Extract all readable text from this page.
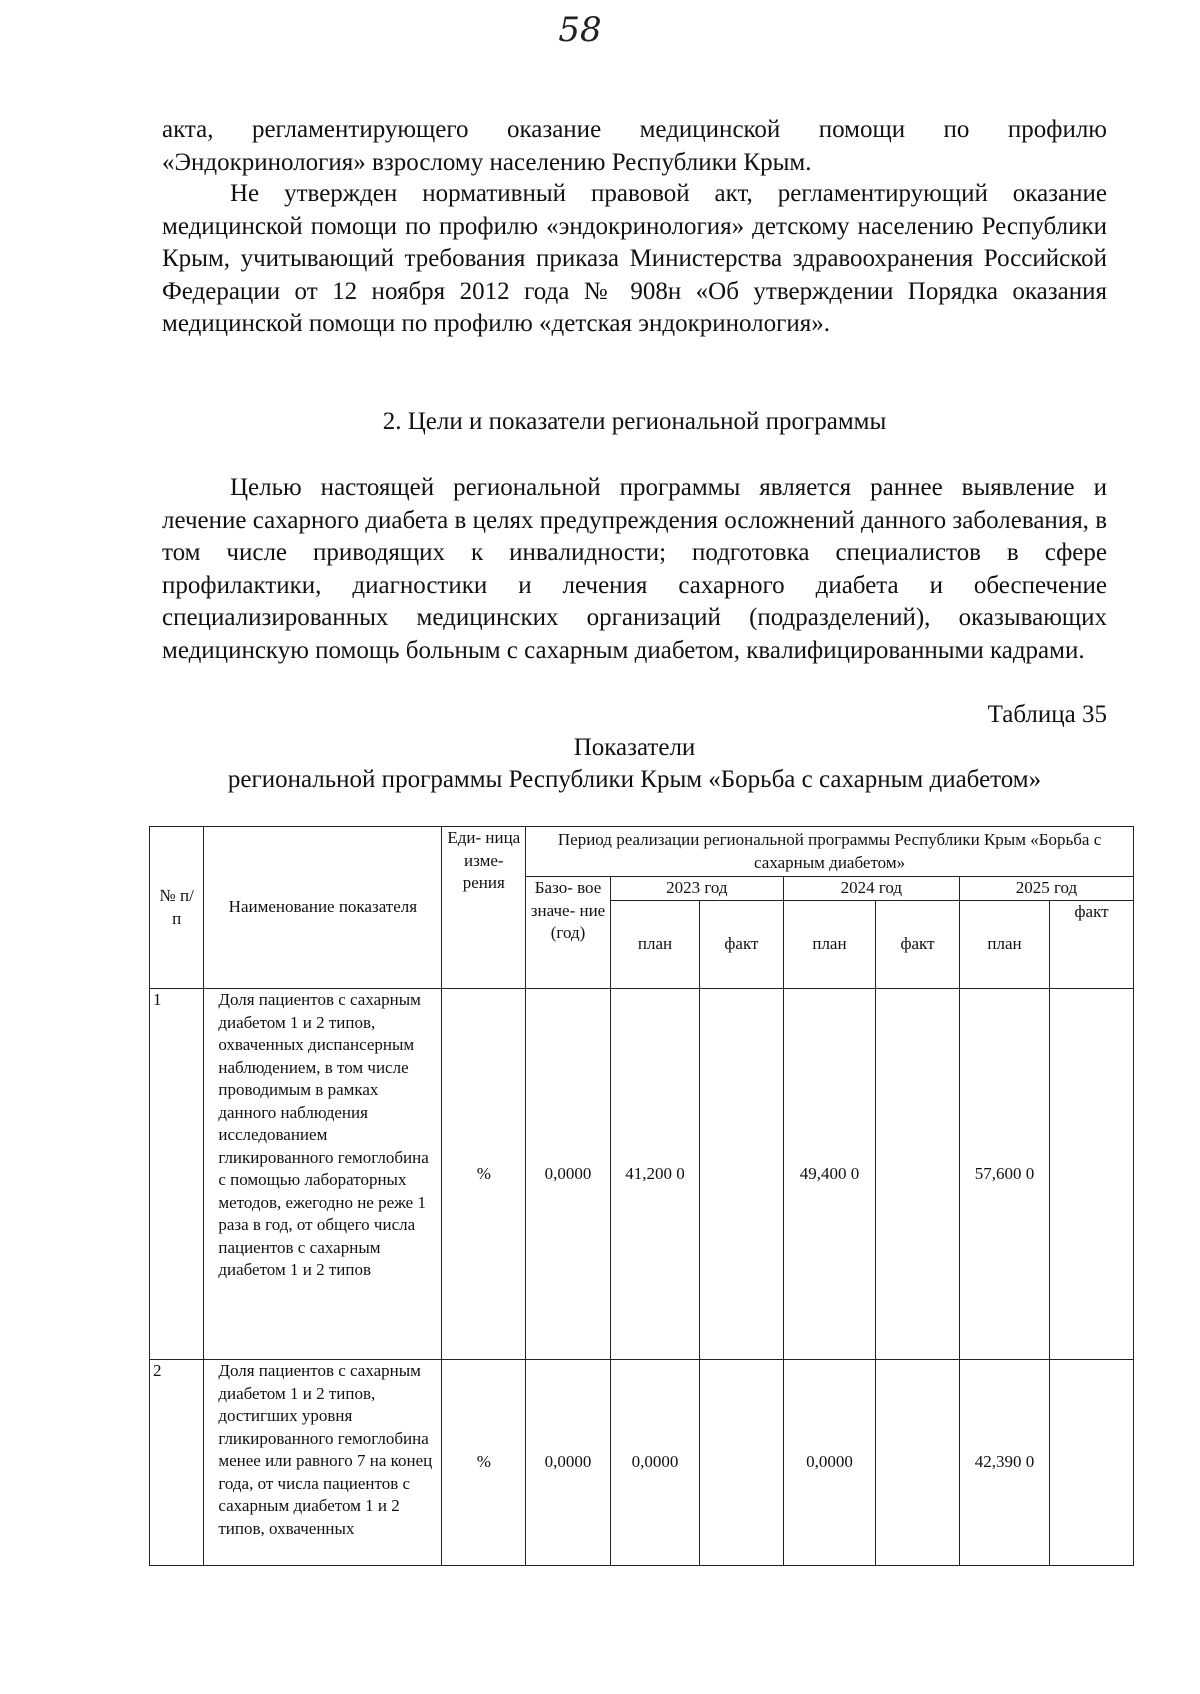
58

акта, регламентирующего оказание медицинской помощи по профилю «Эндокринология» взрослому населению Республики Крым.

Не утвержден нормативный правовой акт, регламентирующий оказание медицинской помощи по профилю «эндокринология» детскому населению Республики Крым, учитывающий требования приказа Министерства здравоохранения Российской Федерации от 12 ноября 2012 года № 908н «Об утверждении Порядка оказания медицинской помощи по профилю «детская эндокринология».

2. Цели и показатели региональной программы

Целью настоящей региональной программы является раннее выявление и лечение сахарного диабета в целях предупреждения осложнений данного заболевания, в том числе приводящих к инвалидности; подготовка специалистов в сфере профилактики, диагностики и лечения сахарного диабета и обеспечение специализированных медицинских организаций (подразделений), оказывающих медицинскую помощь больным с сахарным диабетом, квалифицированными кадрами.

Таблица 35
Показатели
региональной программы Республики Крым «Борьба с сахарным диабетом»
№ п/ п	Наименование показателя	Еди- ница изме- рения	Период реализации региональной программы Республики Крым «Борьба с сахарным диабетом»						
			Базо- вое значе- ние (год)	2023 год		2024 год		2025 год	
				план	факт	план	факт	план	факт
1	Доля пациентов с сахарным диабетом 1 и 2 типов, охваченных диспансерным наблюдением, в том числе проводимым в рамках данного наблюдения исследованием гликированного гемоглобина с помощью лабораторных методов, ежегодно не реже 1 раза в год, от общего числа пациентов с сахарным диабетом 1 и 2 типов	%	0,0000	41,200 0		49,400 0		57,600 0	
2	Доля пациентов с сахарным диабетом 1 и 2 типов, достигших уровня гликированного гемоглобина менее или равного 7 на конец года, от числа пациентов с сахарным диабетом 1 и 2 типов, охваченных	%	0,0000	0,0000		0,0000		42,390 0	
